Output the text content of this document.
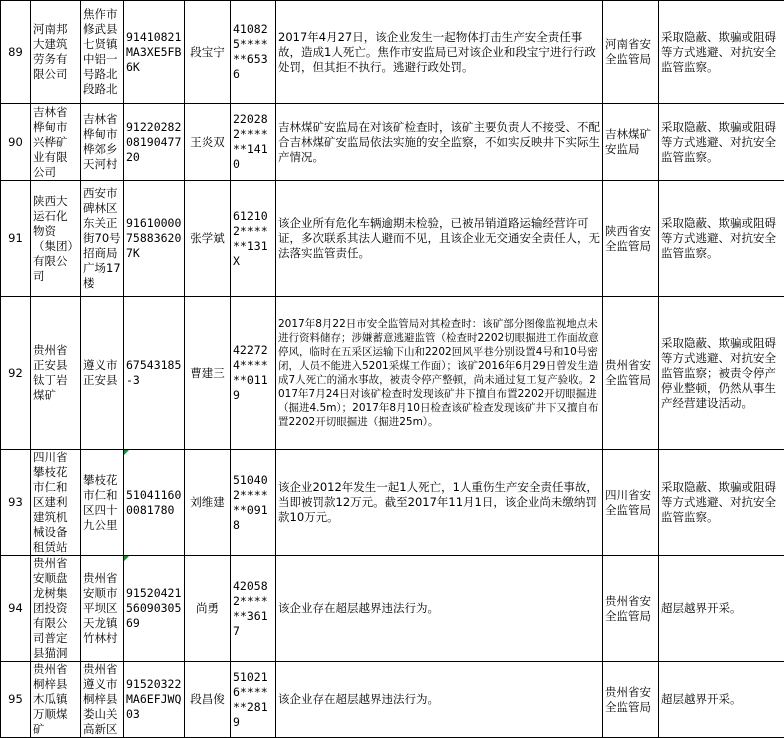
89	河南邦大建筑劳务有限公司	焦作市修武县七贤镇中铝一号路北段路北	91410821MA3XE5FB6K	段宝宁	410825******6536	2017年4月27日，该企业发生一起物体打击生产安全责任事故，造成1人死亡。焦作市安监局已对该企业和段宝宁进行行政处罚，但其拒不执行。逃避行政处罚。	河南省安全监管局	采取隐蔽、欺骗或阻碍等方式逃避、对抗安全监管监察。
90	吉林省桦甸市兴桦矿业有限公司	吉林省桦甸市桦郊乡天河村	912202820819047720	王炎双	220282******1410	吉林煤矿安监局在对该矿检查时，该矿主要负责人不接受、不配合吉林煤矿安监局依法实施的安全监察，不如实反映井下实际生产情况。	吉林煤矿安监局	采取隐蔽、欺骗或阻碍等方式逃避、对抗安全监管监察。
91	陕西大运石化物资（集团）有限公司	西安市碑林区东关正街70号招商局广场17楼	91610000758836207K	张学斌	612102******131X	该企业所有危化车辆逾期未检验，已被吊销道路运输经营许可证，多次联系其法人避而不见，且该企业无交通安全责任人，无法落实监管责任。	陕西省安全监管局	采取隐蔽、欺骗或阻碍等方式逃避、对抗安全监管监察。
92	贵州省正安县钛丁岩煤矿	遵义市正安县	67543185-3	曹建三	422724******0119	2017年8月22日市安全监管局对其检查时：该矿部分图像监视地点未进行资料储存；涉嫌蓄意逃避监管（检查时2202切眼掘进工作面故意停风，临时在五采区运输下山和2202回风平巷分别设置4号和10号密闭，人员不能进入5201采煤工作面）；该矿2016年6月29日曾发生造成7人死亡的涌水事故，被责令停产整顿，尚未通过复工复产验收。2017年7月24日对该矿检查时发现该矿井下擅自布置2202开切眼掘进（掘进4.5m）；2017年8月10日检查该矿检查发现该矿井下又擅自布置2202开切眼掘进（掘进25m）。	贵州省安全监管局	采取隐蔽、欺骗或阻碍等方式逃避、对抗安全监管监察；被责令停产停业整顿，仍然从事生产经营建设活动。
93	四川省攀枝花市仁和区建利建筑机械设备租赁站	攀枝花市仁和区四十九公里	510411600081780	刘维建	510402******0918	该企业2012年发生一起1人死亡，1人重伤生产安全责任事故，当即被罚款12万元。截至2017年11月1日，该企业尚未缴纳罚款10万元。	四川省安全监管局	采取隐蔽、欺骗或阻碍等方式逃避、对抗安全监管监察。
94	贵州省安顺盘龙树集团投资有限公司普定县猫洞	贵州省安顺市平坝区天龙镇竹林村	915204215609030569	尚勇	420582******3617	该企业存在超层越界违法行为。	贵州省安全监管局	超层越界开采。
95	贵州省桐梓县木瓜镇万顺煤矿	贵州省遵义市桐梓县娄山关高新区	91520322MA6EFJWQ03	段昌俊	510216******2819	该企业存在超层越界违法行为。	贵州省安全监管局	超层越界开采。
